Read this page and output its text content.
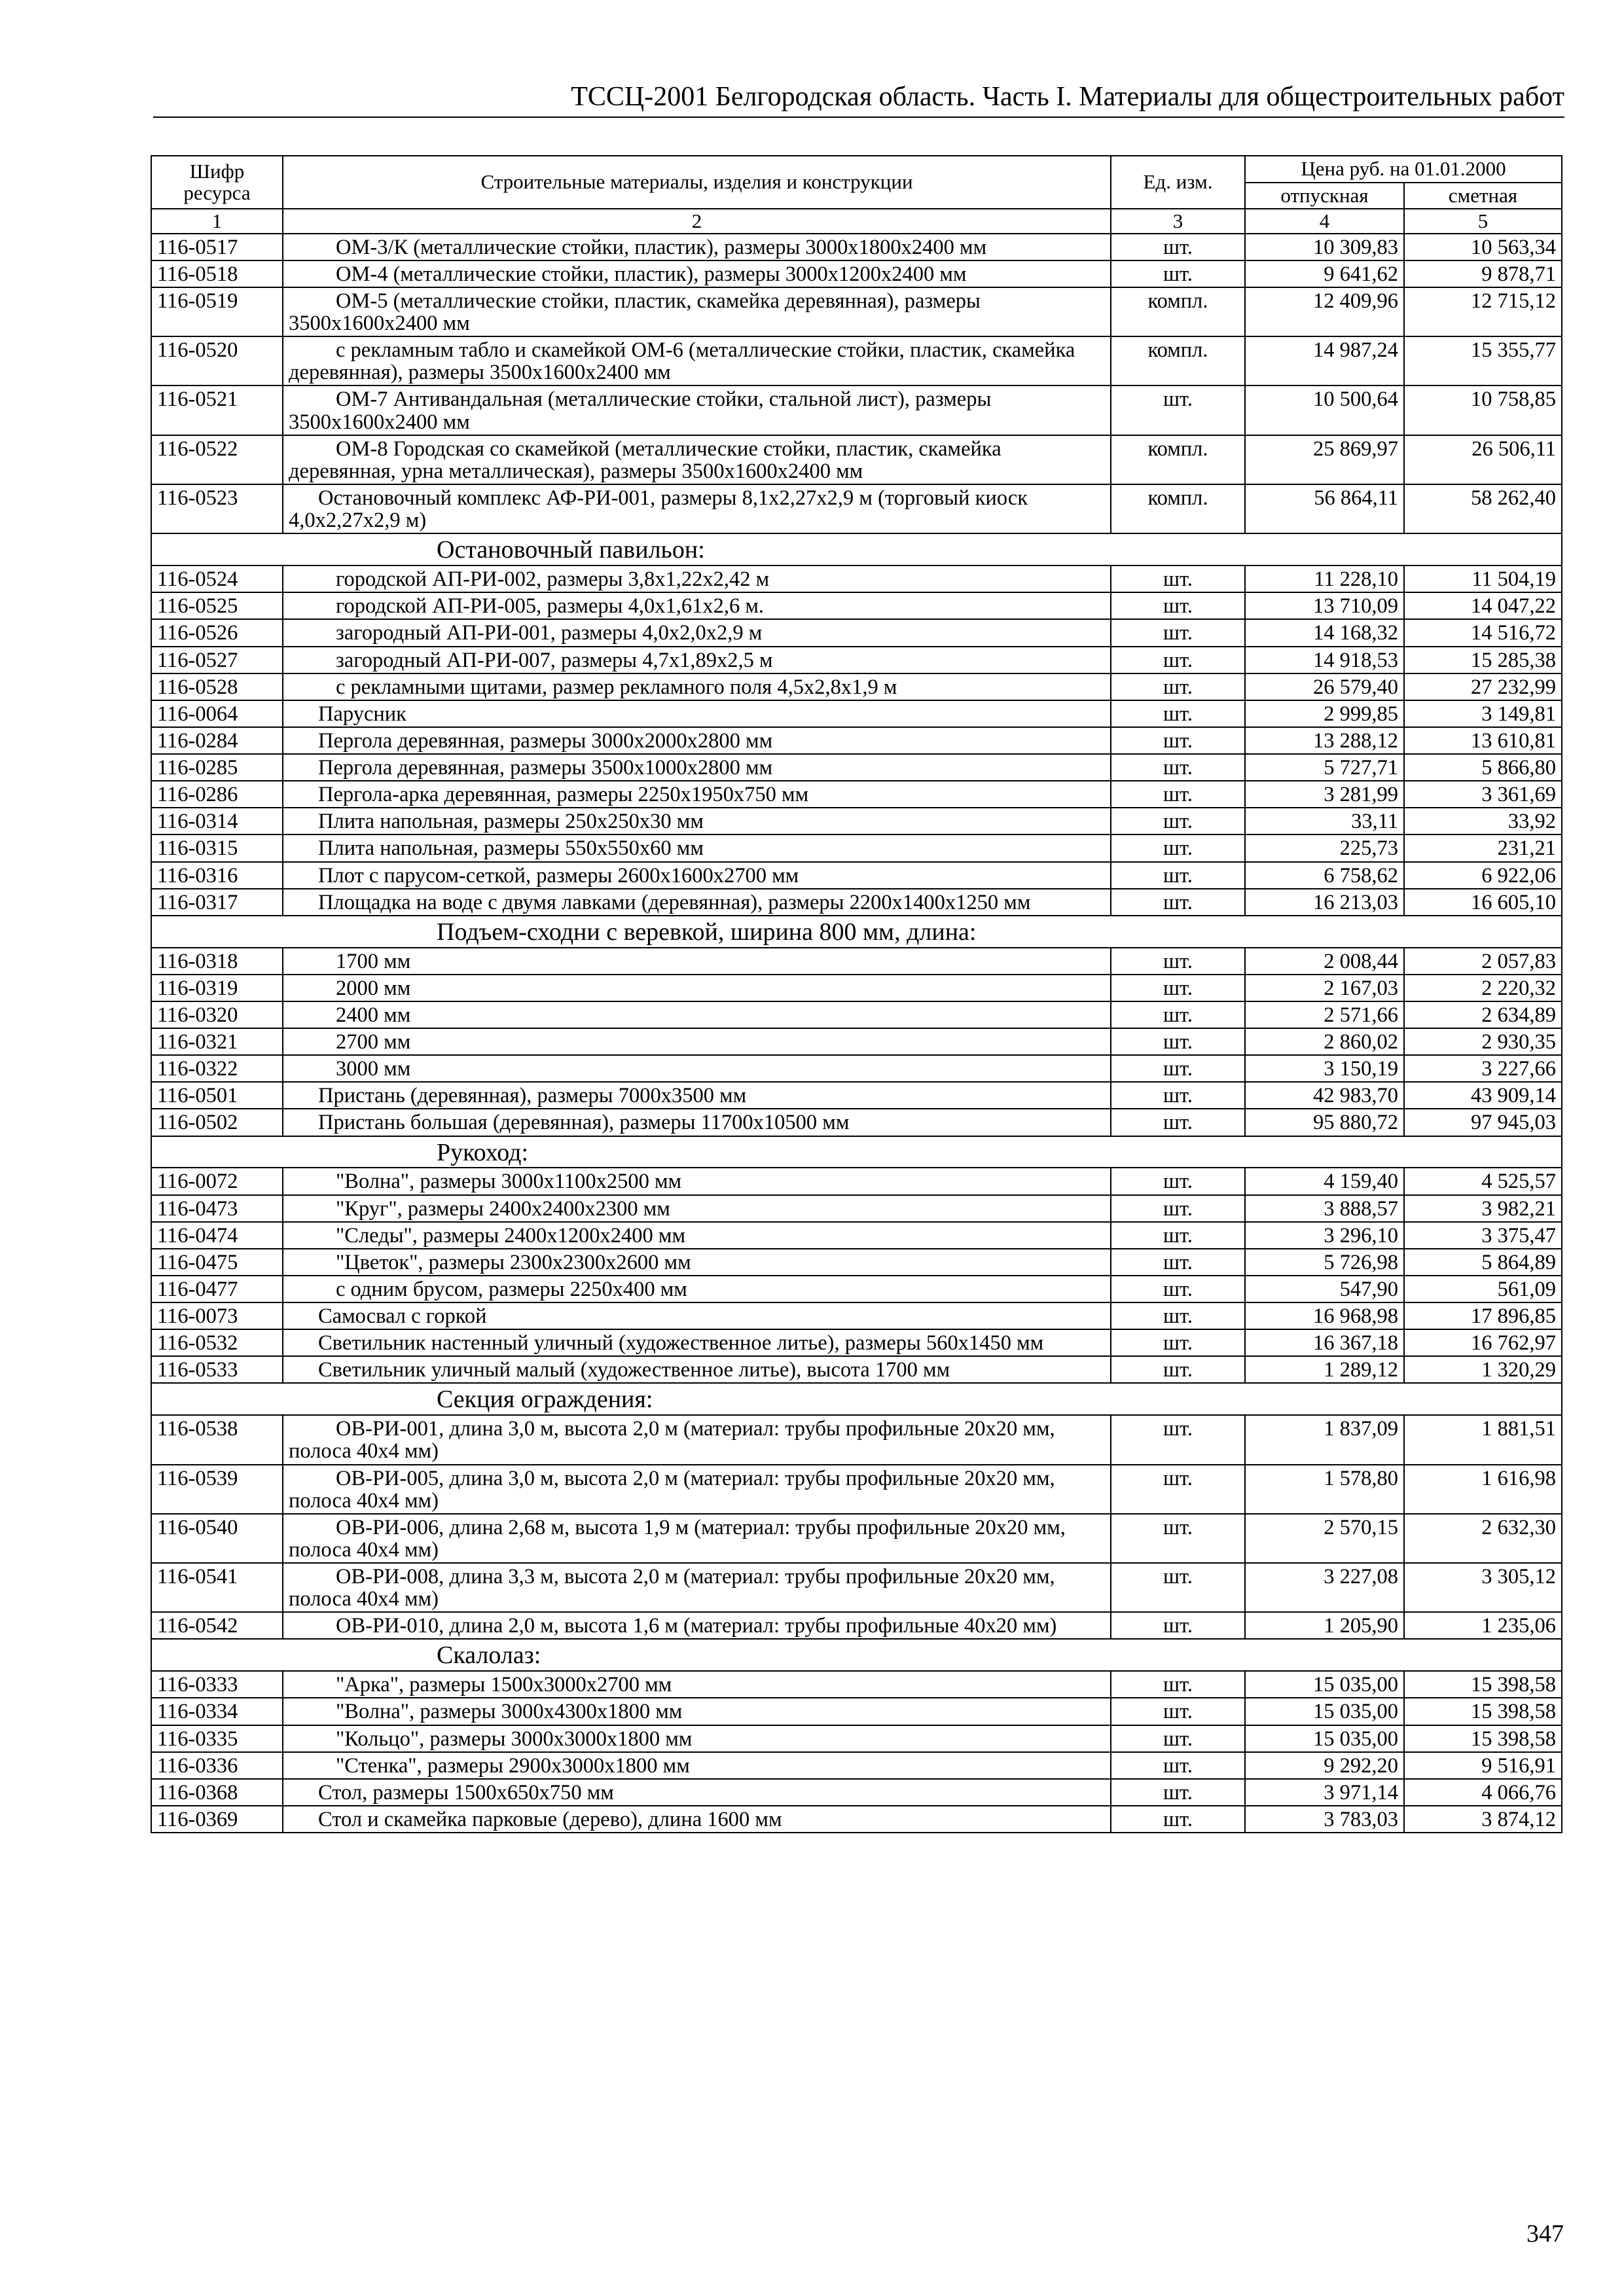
ТССЦ-2001 Белгородская область. Часть I. Материалы для общестроительных работ
Шифр ресурса	Строительные материалы, изделия и конструкции	Ед. изм.	Цена руб. на 01.01.2000	
			отпускная	сметная
1	2	3	4	5
116-0517	ОМ-3/К (металлические стойки, пластик), размеры 3000х1800х2400 мм	шт.	10 309,83	10 563,34
116-0518	ОМ-4 (металлические стойки, пластик), размеры 3000х1200х2400 мм	шт.	9 641,62	9 878,71
116-0519	ОМ-5 (металлические стойки, пластик, скамейка деревянная), размеры 3500х1600х2400 мм	компл.	12 409,96	12 715,12
116-0520	с рекламным табло и скамейкой ОМ-6 (металлические стойки, пластик, скамейка деревянная), размеры 3500х1600х2400 мм	компл.	14 987,24	15 355,77
116-0521	ОМ-7 Антивандальная (металлические стойки, стальной лист), размеры 3500х1600х2400 мм	шт.	10 500,64	10 758,85
116-0522	ОМ-8 Городская со скамейкой (металлические стойки, пластик, скамейка деревянная, урна металлическая), размеры 3500х1600х2400 мм	компл.	25 869,97	26 506,11
116-0523	Остановочный комплекс АФ-РИ-001, размеры 8,1х2,27х2,9 м (торговый киоск 4,0х2,27х2,9 м)	компл.	56 864,11	58 262,40
	Остановочный павильон:			
116-0524	городской АП-РИ-002, размеры 3,8х1,22х2,42 м	шт.	11 228,10	11 504,19
116-0525	городской АП-РИ-005, размеры 4,0х1,61х2,6 м.	шт.	13 710,09	14 047,22
116-0526	загородный АП-РИ-001, размеры 4,0х2,0х2,9 м	шт.	14 168,32	14 516,72
116-0527	загородный АП-РИ-007, размеры 4,7х1,89х2,5 м	шт.	14 918,53	15 285,38
116-0528	с рекламными щитами, размер рекламного поля 4,5х2,8х1,9 м	шт.	26 579,40	27 232,99
116-0064	Парусник	шт.	2 999,85	3 149,81
116-0284	Пергола деревянная, размеры 3000х2000х2800 мм	шт.	13 288,12	13 610,81
116-0285	Пергола деревянная, размеры 3500х1000х2800 мм	шт.	5 727,71	5 866,80
116-0286	Пергола-арка деревянная, размеры 2250х1950х750 мм	шт.	3 281,99	3 361,69
116-0314	Плита напольная, размеры 250х250х30 мм	шт.	33,11	33,92
116-0315	Плита напольная, размеры 550х550х60 мм	шт.	225,73	231,21
116-0316	Плот с парусом-сеткой, размеры 2600х1600х2700 мм	шт.	6 758,62	6 922,06
116-0317	Площадка на воде с двумя лавками (деревянная), размеры 2200х1400х1250 мм	шт.	16 213,03	16 605,10
	Подъем-сходни с веревкой, ширина 800 мм, длина:			
116-0318	1700 мм	шт.	2 008,44	2 057,83
116-0319	2000 мм	шт.	2 167,03	2 220,32
116-0320	2400 мм	шт.	2 571,66	2 634,89
116-0321	2700 мм	шт.	2 860,02	2 930,35
116-0322	3000 мм	шт.	3 150,19	3 227,66
116-0501	Пристань (деревянная), размеры 7000х3500 мм	шт.	42 983,70	43 909,14
116-0502	Пристань большая (деревянная), размеры 11700х10500 мм	шт.	95 880,72	97 945,03
	Рукоход:			
116-0072	"Волна", размеры 3000х1100х2500 мм	шт.	4 159,40	4 525,57
116-0473	"Круг", размеры 2400х2400х2300 мм	шт.	3 888,57	3 982,21
116-0474	"Следы", размеры 2400х1200х2400 мм	шт.	3 296,10	3 375,47
116-0475	"Цветок", размеры 2300х2300х2600 мм	шт.	5 726,98	5 864,89
116-0477	с одним брусом, размеры 2250х400 мм	шт.	547,90	561,09
116-0073	Самосвал с горкой	шт.	16 968,98	17 896,85
116-0532	Светильник настенный уличный (художественное литье), размеры 560х1450 мм	шт.	16 367,18	16 762,97
116-0533	Светильник уличный малый (художественное литье), высота 1700 мм	шт.	1 289,12	1 320,29
	Секция ограждения:			
116-0538	ОВ-РИ-001, длина 3,0 м, высота 2,0 м (материал: трубы профильные 20х20 мм, полоса 40х4 мм)	шт.	1 837,09	1 881,51
116-0539	ОВ-РИ-005, длина 3,0 м, высота 2,0 м (материал: трубы профильные 20х20 мм, полоса 40х4 мм)	шт.	1 578,80	1 616,98
116-0540	ОВ-РИ-006, длина 2,68 м, высота 1,9 м (материал: трубы профильные 20х20 мм, полоса 40х4 мм)	шт.	2 570,15	2 632,30
116-0541	ОВ-РИ-008, длина 3,3 м, высота 2,0 м (материал: трубы профильные 20х20 мм, полоса 40х4 мм)	шт.	3 227,08	3 305,12
116-0542	ОВ-РИ-010, длина 2,0 м, высота 1,6 м (материал: трубы профильные 40х20 мм)	шт.	1 205,90	1 235,06
	Скалолаз:			
116-0333	"Арка", размеры 1500х3000х2700 мм	шт.	15 035,00	15 398,58
116-0334	"Волна", размеры 3000х4300х1800 мм	шт.	15 035,00	15 398,58
116-0335	"Кольцо", размеры 3000х3000х1800 мм	шт.	15 035,00	15 398,58
116-0336	"Стенка", размеры 2900х3000х1800 мм	шт.	9 292,20	9 516,91
116-0368	Стол, размеры 1500х650х750 мм	шт.	3 971,14	4 066,76
116-0369	Стол и скамейка парковые (дерево), длина 1600 мм	шт.	3 783,03	3 874,12
347
